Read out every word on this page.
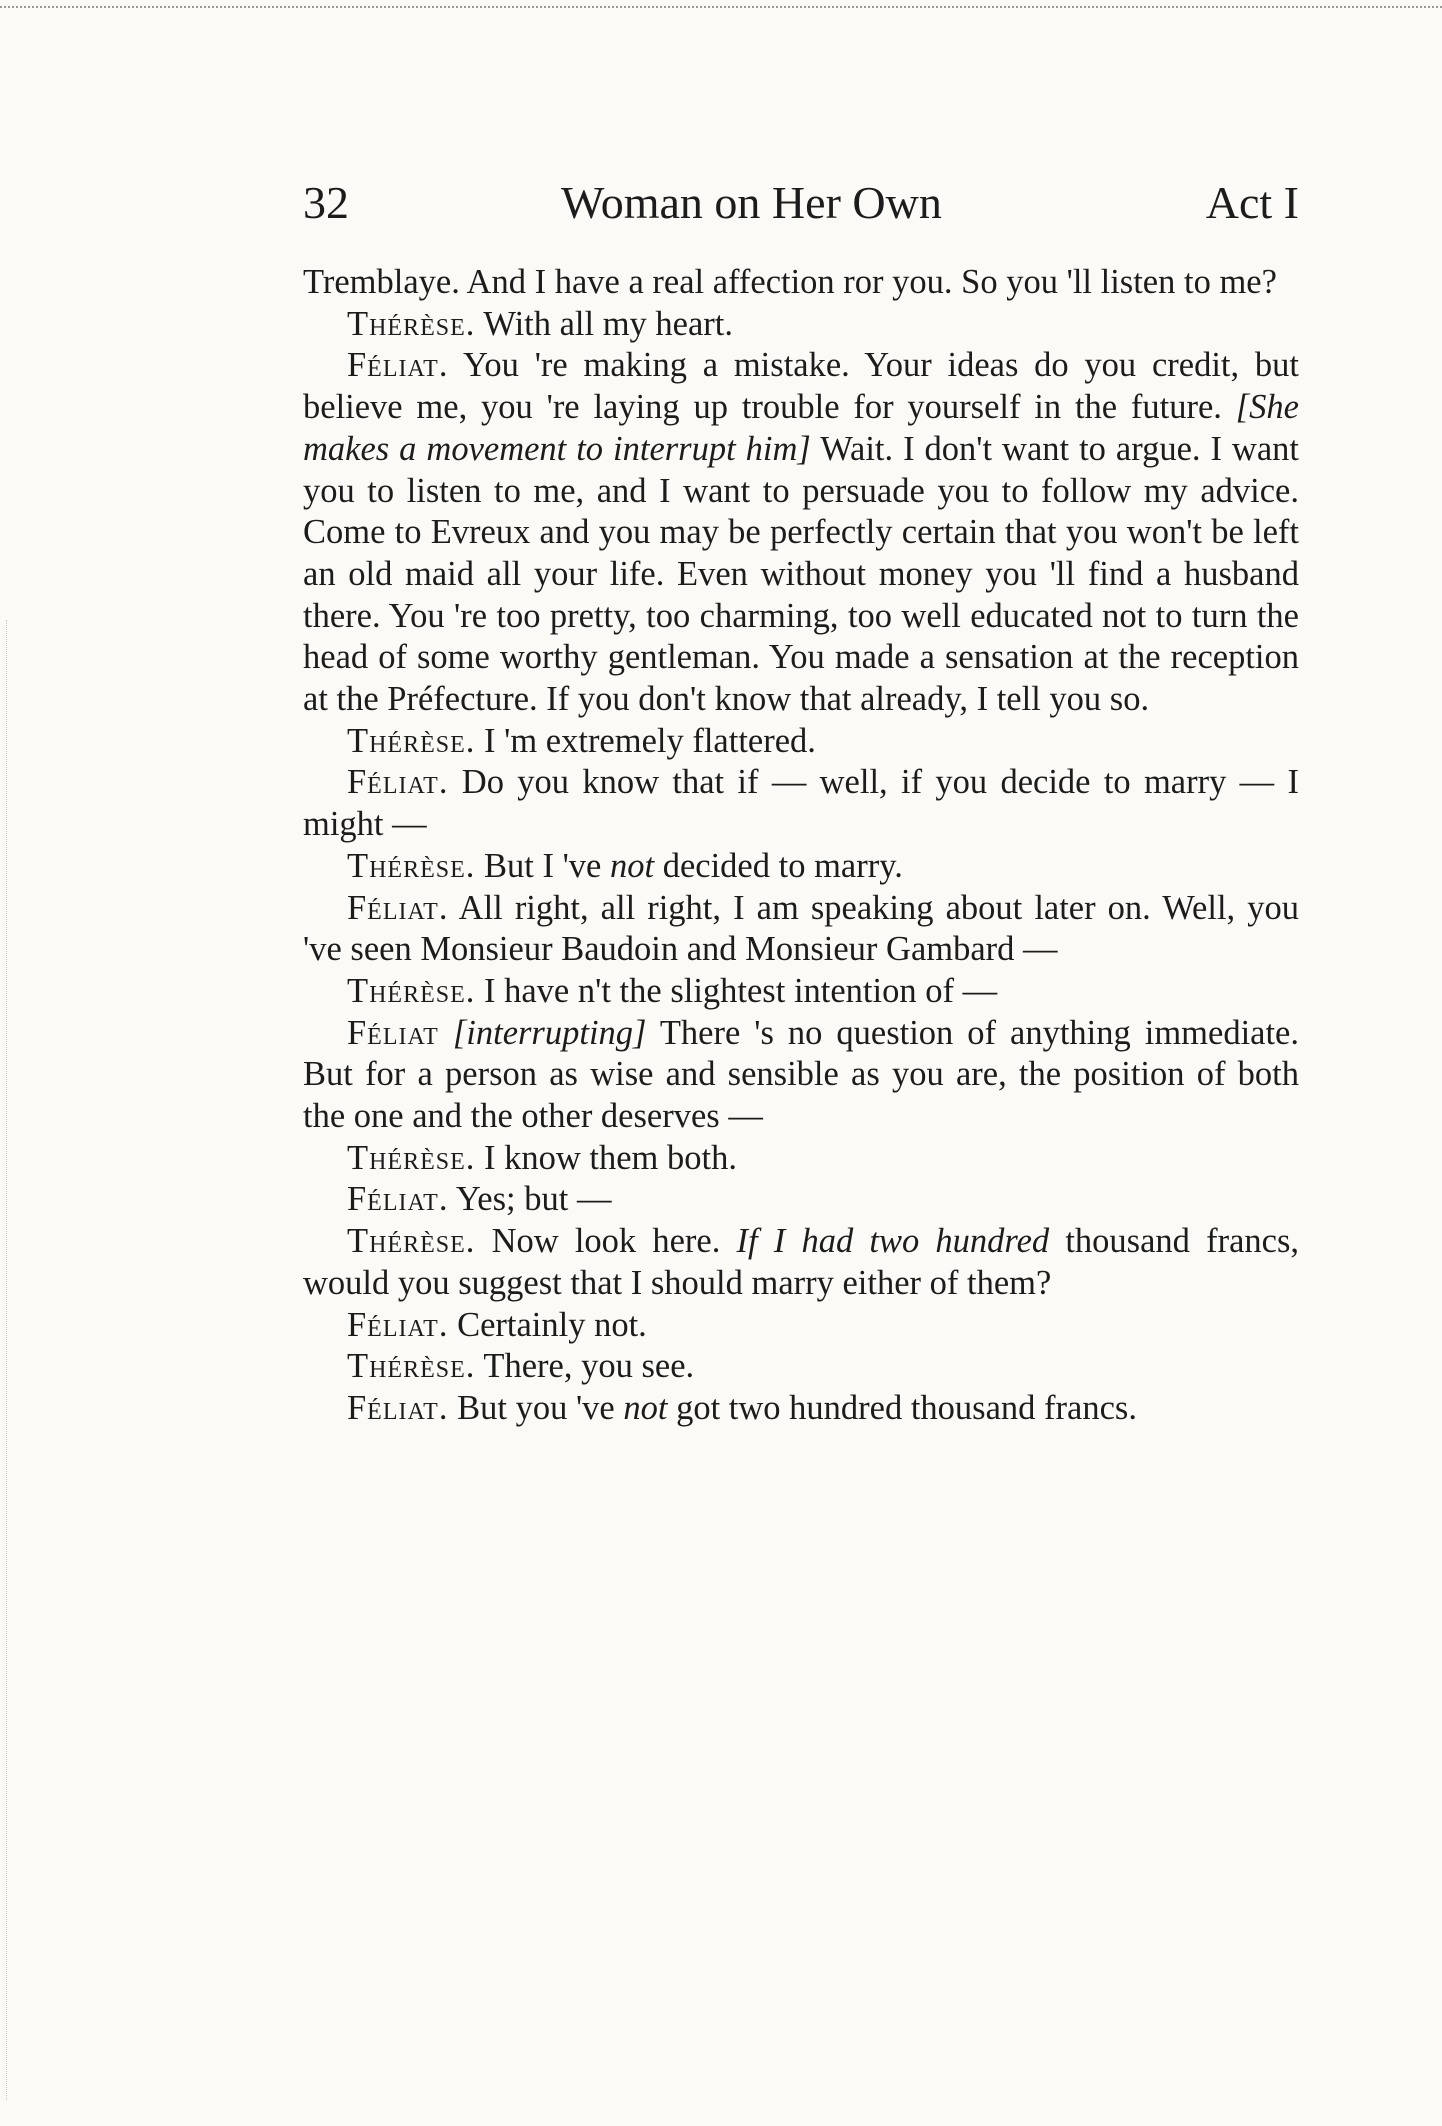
32	Woman on Her Own	Act I

Tremblaye. And I have a real affection ror you. So you 'll listen to me?

Thérèse. With all my heart.

Féliat. You 're making a mistake. Your ideas do you credit, but believe me, you 're laying up trouble for yourself in the future. [She makes a movement to interrupt him] Wait. I don't want to argue. I want you to listen to me, and I want to persuade you to follow my advice. Come to Evreux and you may be perfectly certain that you won't be left an old maid all your life. Even without money you 'll find a husband there. You 're too pretty, too charming, too well educated not to turn the head of some worthy gentleman. You made a sensation at the reception at the Préfecture. If you don't know that already, I tell you so.

Thérèse. I 'm extremely flattered.

Féliat. Do you know that if — well, if you decide to marry — I might —

Thérèse. But I 've not decided to marry.

Féliat. All right, all right, I am speaking about later on. Well, you 've seen Monsieur Baudoin and Monsieur Gambard —

Thérèse. I have n't the slightest intention of —

Féliat [interrupting] There 's no question of anything immediate. But for a person as wise and sensible as you are, the position of both the one and the other deserves —

Thérèse. I know them both.

Féliat. Yes; but —

Thérèse. Now look here. If I had two hundred thousand francs, would you suggest that I should marry either of them?

Féliat. Certainly not.

Thérèse. There, you see.

Féliat. But you 've not got two hundred thousand francs.
